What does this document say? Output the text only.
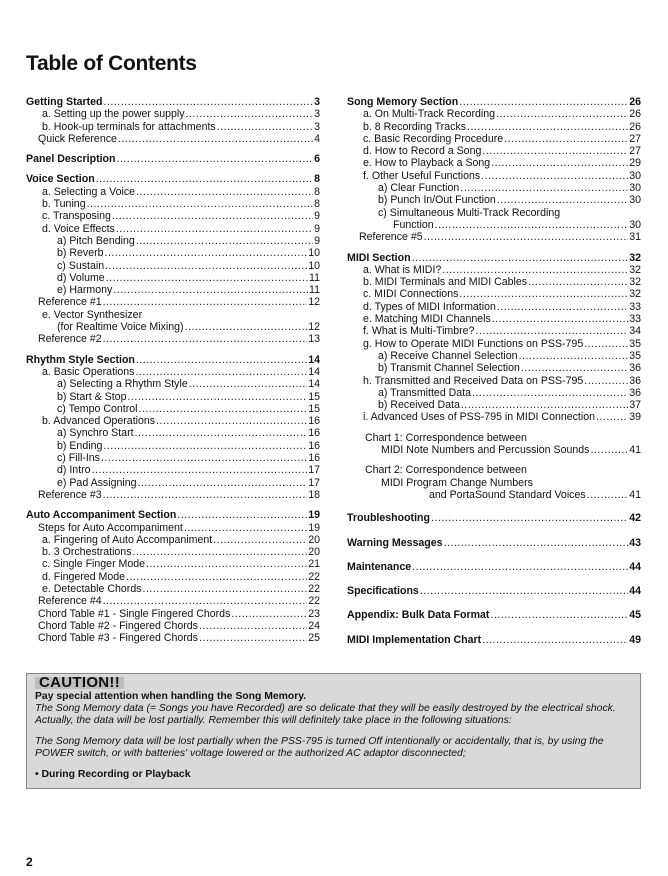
Table of Contents
Getting Started .....	3
a. Setting up the power supply .....	3
b. Hook-up terminals for attachments .....	3
Quick Reference .....	4
Panel Description .....	6
Voice Section .....	8
a. Selecting a Voice .....	8
b. Tuning .....	8
c. Transposing .....	9
d. Voice Effects .....	9
a) Pitch Bending .....	9
b) Reverb .....	10
c) Sustain .....	10
d) Volume .....	11
e) Harmony .....	11
Reference #1 .....	12
e. Vector Synthesizer
(for Realtime Voice Mixing) .....	12
Reference #2 .....	13
Rhythm Style Section .....	14
a. Basic Operations .....	14
a) Selecting a Rhythm Style .....	14
b) Start & Stop .....	15
c) Tempo Control .....	15
b. Advanced Operations .....	16
a) Synchro Start .....	16
b) Ending .....	16
c) Fill-Ins .....	16
d) Intro .....	17
e) Pad Assigning .....	17
Reference #3 .....	18
Auto Accompaniment Section .....	19
Steps for Auto Accompaniment .....	19
a. Fingering of Auto Accompaniment .....	20
b. 3 Orchestrations .....	20
c. Single Finger Mode .....	21
d. Fingered Mode .....	22
e. Detectable Chords .....	22
Reference #4 .....	22
Chord Table #1 - Single Fingered Chords .....	23
Chord Table #2 - Fingered Chords .....	24
Chord Table #3 - Fingered Chords .....	25
Song Memory Section .....	26
a. On Multi-Track Recording .....	26
b. 8 Recording Tracks .....	26
c. Basic Recording Procedure .....	27
d. How to Record a Song .....	27
e. How to Playback a Song .....	29
f. Other Useful Functions .....	30
a) Clear Function .....	30
b) Punch In/Out Function .....	30
c) Simultaneous Multi-Track Recording
Function .....	30
Reference #5 .....	31
MIDI Section .....	32
a. What is MIDI? .....	32
b. MIDI Terminals and MIDI Cables .....	32
c. MIDI Connections .....	32
d. Types of MIDI Information .....	33
e. Matching MIDI Channels .....	33
f. What is Multi-Timbre? .....	34
g. How to Operate MIDI Functions on PSS-795 .....	35
a) Receive Channel Selection .....	35
b) Transmit Channel Selection .....	36
h. Transmitted and Received Data on PSS-795 .....	36
a) Transmitted Data .....	36
b) Received Data .....	37
i. Advanced Uses of PSS-795 in MIDI Connection .....	39
Chart 1: Correspondence between
MIDI Note Numbers and Percussion Sounds .....	41
Chart 2: Correspondence between
MIDI Program Change Numbers
and PortaSound Standard Voices .....	41
Troubleshooting .....	42
Warning Messages .....	43
Maintenance .....	44
Specifications .....	44
Appendix: Bulk Data Format .....	45
MIDI Implementation Chart .....	49
CAUTION!!

Pay special attention when handling the Song Memory.

The Song Memory data (= Songs you have Recorded) are so delicate that they will be easily destroyed by the electrical shock. Actually, the data will be lost partially. Remember this will definitely take place in the following situations:

The Song Memory data will be lost partially when the PSS-795 is turned Off intentionally or accidentally, that is, by using the POWER switch, or with batteries' voltage lowered or the authorized AC adaptor disconnected;

• During Recording or Playback

2
